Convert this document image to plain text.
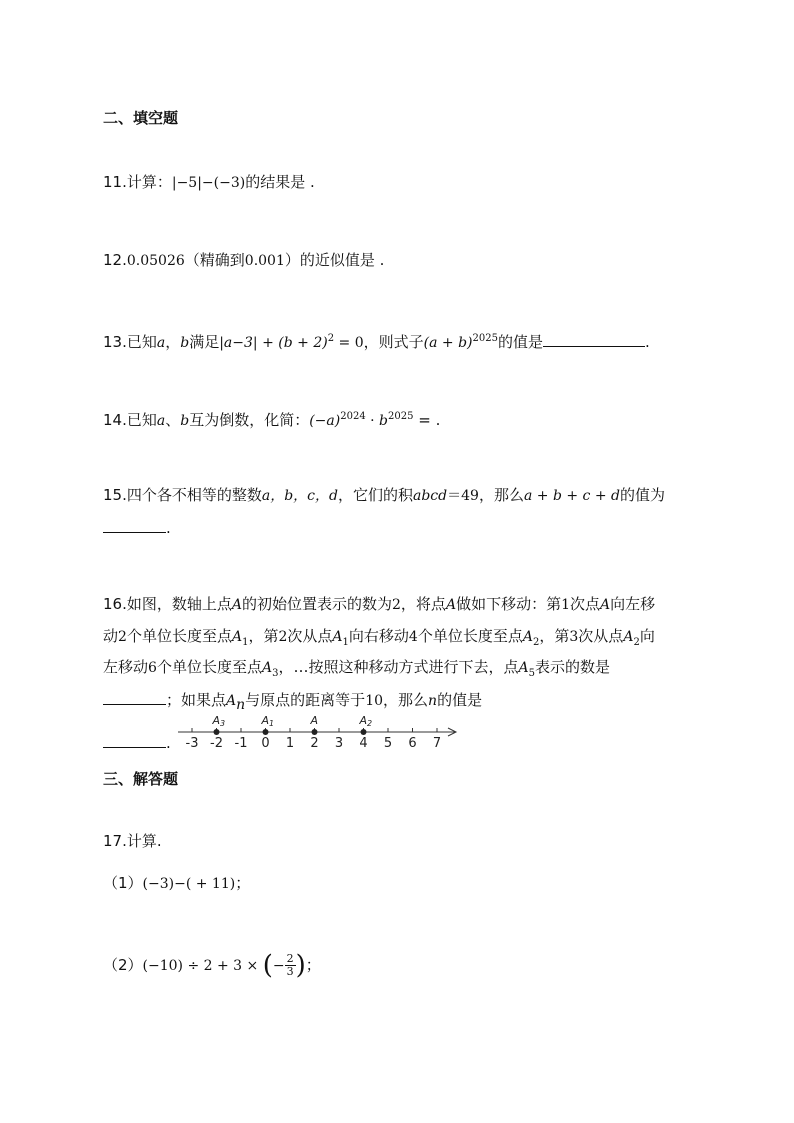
二、填空题
11.计算：|−5|−(−3)的结果是 .
12.0.05026（精确到0.001）的近似值是 .
13.已知a，b满足$|a-3| + (b + 2)^2 = 0$，则式子$(a + b)^{2025}$的值是	.
14.已知a、b互为倒数，化简：$(-a)^{2024} \cdot b^{2025}$ = .
15.四个各不相等的整数a，b，c，d，它们的积abcd＝49，那么a + b + c + d的值为
.
16.如图，数轴上点A的初始位置表示的数为2，将点A做如下移动：第1次点A向左移
动2个单位长度至点$A_1$，第2次从点$A_1$向右移动4个单位长度至点$A_2$，第3次从点$A_2$向
左移动6个单位长度至点$A_3$，…按照这种移动方式进行下去，点$A_5$表示的数是
；如果点$A_n$与原点的距离等于10，那么n的值是
. -3 -2 -1 0 1 2 3 4 5 6 7
A3	A1	A	A2
三、解答题
17.计算.
（1）(−3)−( + 11)；
（2）(−10) ÷ 2 + 3 × (− $\frac{2}{3}$ )；
